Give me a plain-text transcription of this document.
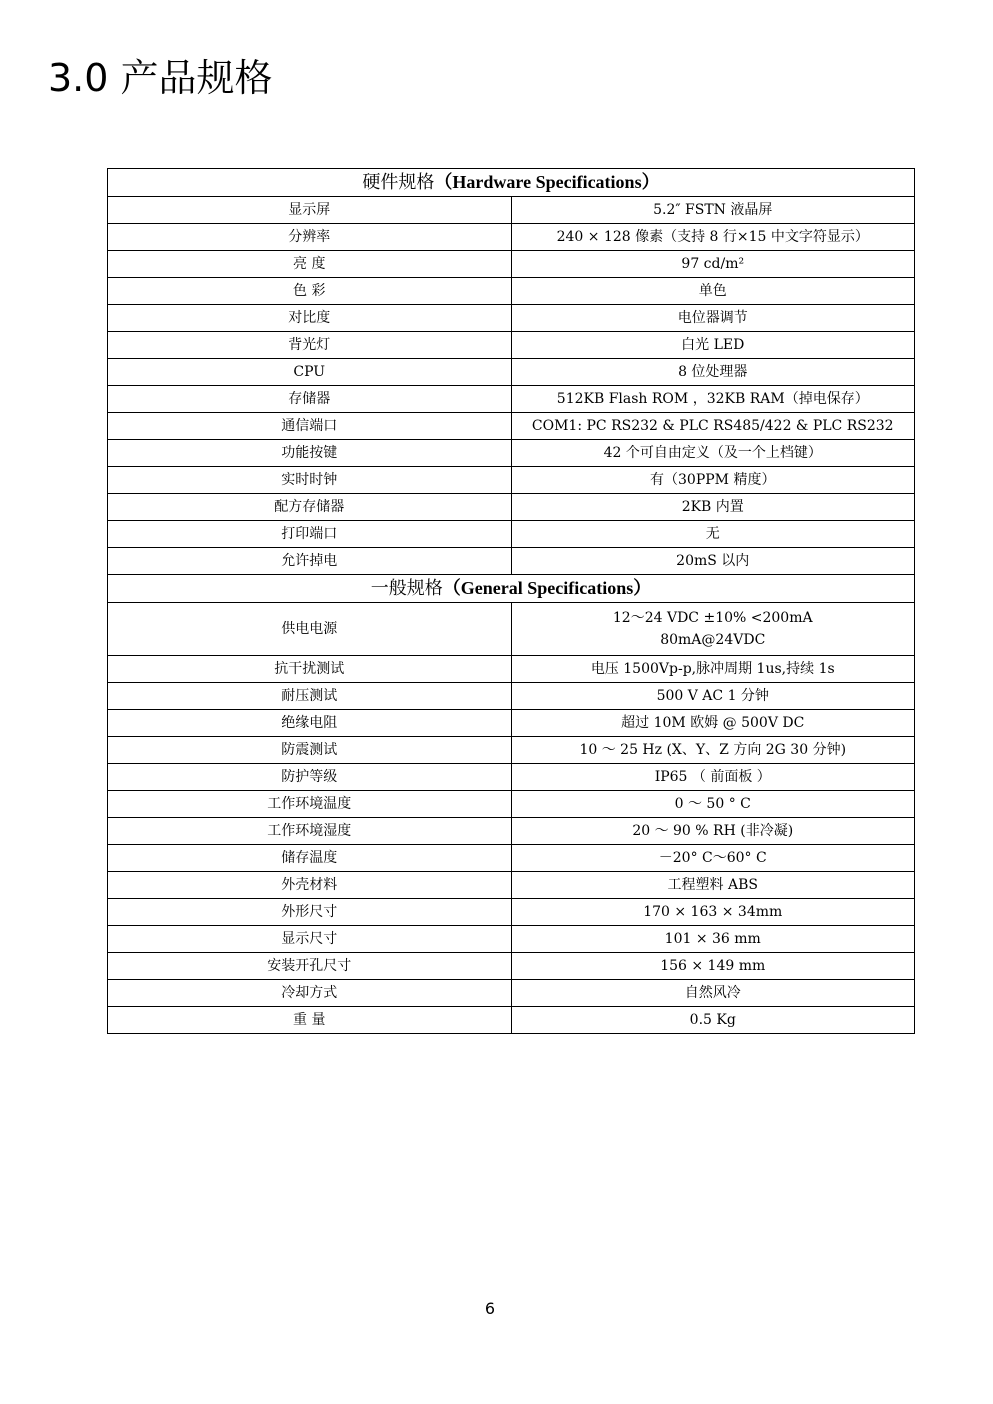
3.0 产品规格
硬件规格（Hardware Specifications）	
显示屏	5.2″ FSTN 液晶屏
分辨率	240 × 128 像素（支持 8 行×15 中文字符显示）
亮 度	97 cd/m²
色 彩	单色
对比度	电位器调节
背光灯	白光 LED
CPU	8 位处理器
存储器	512KB Flash ROM ，32KB RAM（掉电保存）
通信端口	COM1: PC RS232 & PLC RS485/422 & PLC RS232
功能按键	42 个可自由定义（及一个上档键）
实时时钟	有（30PPM 精度）
配方存储器	2KB 内置
打印端口	无
允许掉电	20mS 以内
一般规格（General Specifications）	
供电电源	12～24 VDC ±10% <200mA
80mA@24VDC

抗干扰测试	电压 1500Vp-p,脉冲周期 1us,持续 1s
耐压测试	500 V AC 1 分钟
绝缘电阻	超过 10M 欧姆 @ 500V DC
防震测试	10 ～ 25 Hz (X、Y、Z 方向 2G 30 分钟)
防护等级	IP65 （ 前面板 ）
工作环境温度	0 ～ 50 ° C
工作环境湿度	20 ～ 90 % RH (非冷凝)
储存温度	－20° C～60° C
外壳材料	工程塑料 ABS
外形尺寸	170 × 163 × 34mm
显示尺寸	101 × 36 mm
安装开孔尺寸	156 × 149 mm
冷却方式	自然风冷
重 量	0.5 Kg
6
